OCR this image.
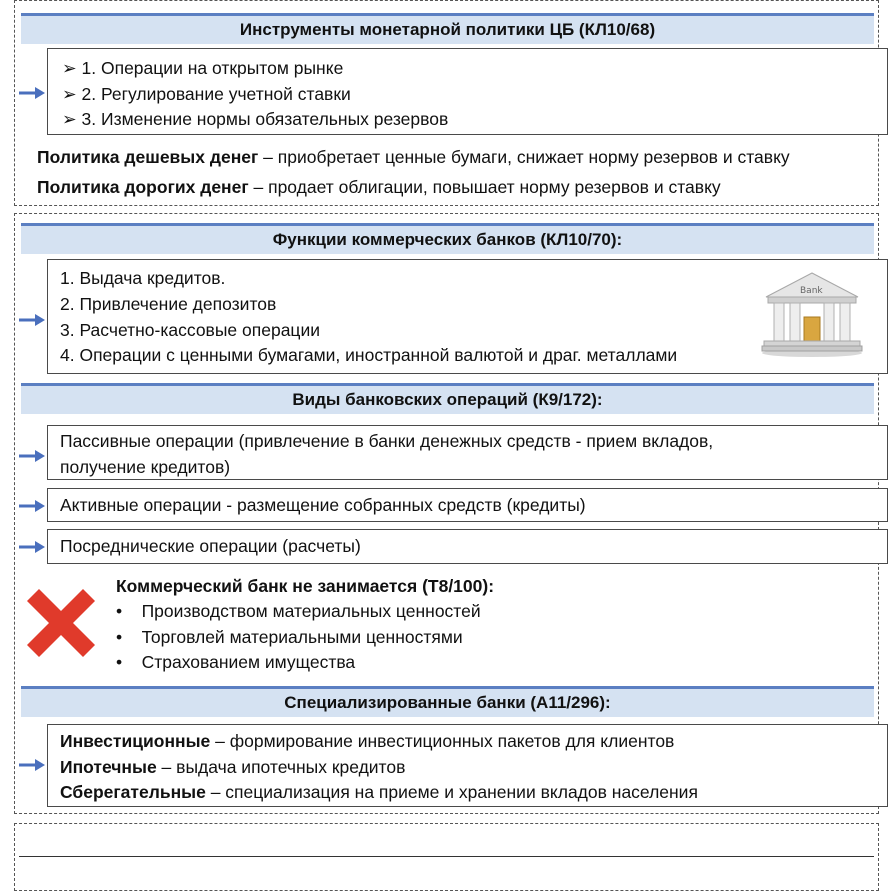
Инструменты монетарной политики ЦБ (КЛ10/68)
➢ 1. Операции на открытом рынке
➢ 2. Регулирование учетной ставки
➢ 3. Изменение нормы обязательных резервов
Политика дешевых денег – приобретает ценные бумаги, снижает норму резервов и ставку
Политика дорогих денег – продает облигации, повышает норму резервов и ставку
Функции коммерческих банков (КЛ10/70):
1. Выдача кредитов.
2. Привлечение депозитов
3. Расчетно-кассовые операции
4. Операции с ценными бумагами, иностранной валютой и драг. металлами
Bank
Виды банковских операций (К9/172):
Пассивные операции (привлечение в банки денежных средств - прием вкладов,
получение кредитов)
Активные операции - размещение собранных средств (кредиты)
Посреднические операции (расчеты)
Коммерческий банк не занимается (Т8/100):
•    Производством материальных ценностей
•    Торговлей материальными ценностями
•    Страхованием имущества
Специализированные банки (А11/296):
Инвестиционные – формирование инвестиционных пакетов для клиентов
Ипотечные – выдача ипотечных кредитов
Сберегательные – специализация на приеме и хранении вкладов населения
